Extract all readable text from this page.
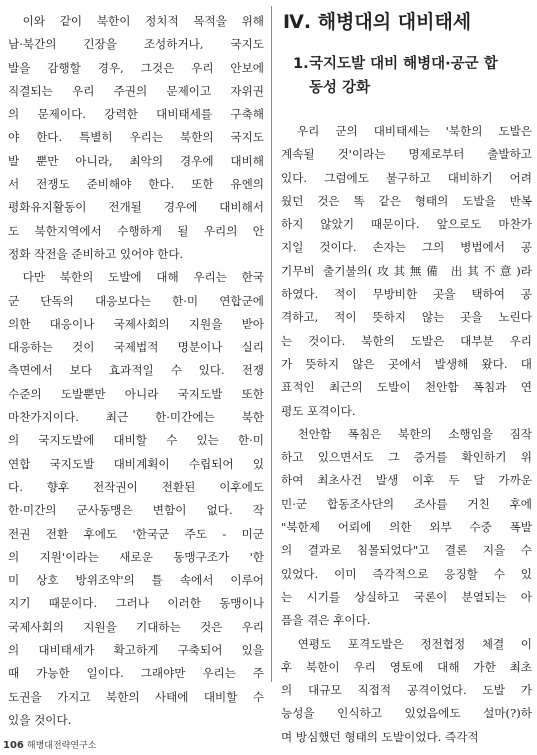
이와 같이 북한이 정치적 목적을 위해
남·북간의 긴장을 조성하거나, 국지도
발을 감행할 경우, 그것은 우리 안보에
직결되는 우리 주권의 문제이고 자위권
의 문제이다. 강력한 대비태세를 구축해
야 한다. 특별히 우리는 북한의 국지도
발 뿐만 아니라, 최악의 경우에 대비해
서 전쟁도 준비해야 한다. 또한 유엔의
평화유지활동이 전개될 경우에 대비해서
도 북한지역에서 수행하게 될 우리의 안
정화 작전을 준비하고 있어야 한다.
다만 북한의 도발에 대해 우리는 한국
군 단독의 대응보다는 한·미 연합군에
의한 대응이나 국제사회의 지원을 받아
대응하는 것이 국제법적 명분이나 실리
측면에서 보다 효과적일 수 있다. 전쟁
수준의 도발뿐만 아니라 국지도발 또한
마찬가지이다. 최근 한·미간에는 북한
의 국지도발에 대비할 수 있는 한·미
연합 국지도발 대비계획이 수립되어 있
다. 향후 전작권이 전환된 이후에도
한·미간의 군사동맹은 변함이 없다. 작
전권 전환 후에도 '한국군 주도 - 미군
의 지원'이라는 새로운 동맹구조가 '한
미 상호 방위조약'의 틀 속에서 이루어
지기 때문이다. 그러나 이러한 동맹이나
국제사회의 지원을 기대하는 것은 우리
의 대비태세가 확고하게 구축되어 있을
때 가능한 일이다. 그래야만 우리는 주
도권을 가지고 북한의 사태에 대비할 수
있을 것이다.
Ⅳ. 해병대의 대비태세
1.국지도발 대비 해병대·공군 합
동성 강화
우리 군의 대비태세는 '북한의 도발은
계속될 것'이라는 명제로부터 출발하고
있다. 그럼에도 불구하고 대비하기 어려
웠던 것은 똑 같은 형태의 도발을 반복
하지 않았기 때문이다. 앞으로도 마찬가
지일 것이다. 손자는 그의 병법에서 공
기무비 출기불의(攻其無備 出其不意)라
하였다. 적이 무방비한 곳을 택하여 공
격하고, 적이 뜻하지 않는 곳을 노린다
는 것이다. 북한의 도발은 대부분 우리
가 뜻하지 않은 곳에서 발생해 왔다. 대
표적인 최근의 도발이 천안함 폭침과 연
평도 포격이다.
천안함 폭침은 북한의 소행임을 짐작
하고 있으면서도 그 증거를 확인하기 위
하여 최초사건 발생 이후 두 달 가까운
민·군 합동조사단의 조사를 거친 후에
"북한제 어뢰에 의한 외부 수중 폭발
의 결과로 침몰되었다"고 결론 지을 수
있었다. 이미 즉각적으로 응징할 수 있
는 시기를 상실하고 국론이 분열되는 아
픔을 겪은 후이다.
연평도 포격도발은 정전협정 체결 이
후 북한이 우리 영토에 대해 가한 최초
의 대규모 직접적 공격이었다. 도발 가
능성을 인식하고 있었음에도 설마(?)하
며 방심했던 형태의 도발이었다. 즉각적
106 해병대전략연구소
